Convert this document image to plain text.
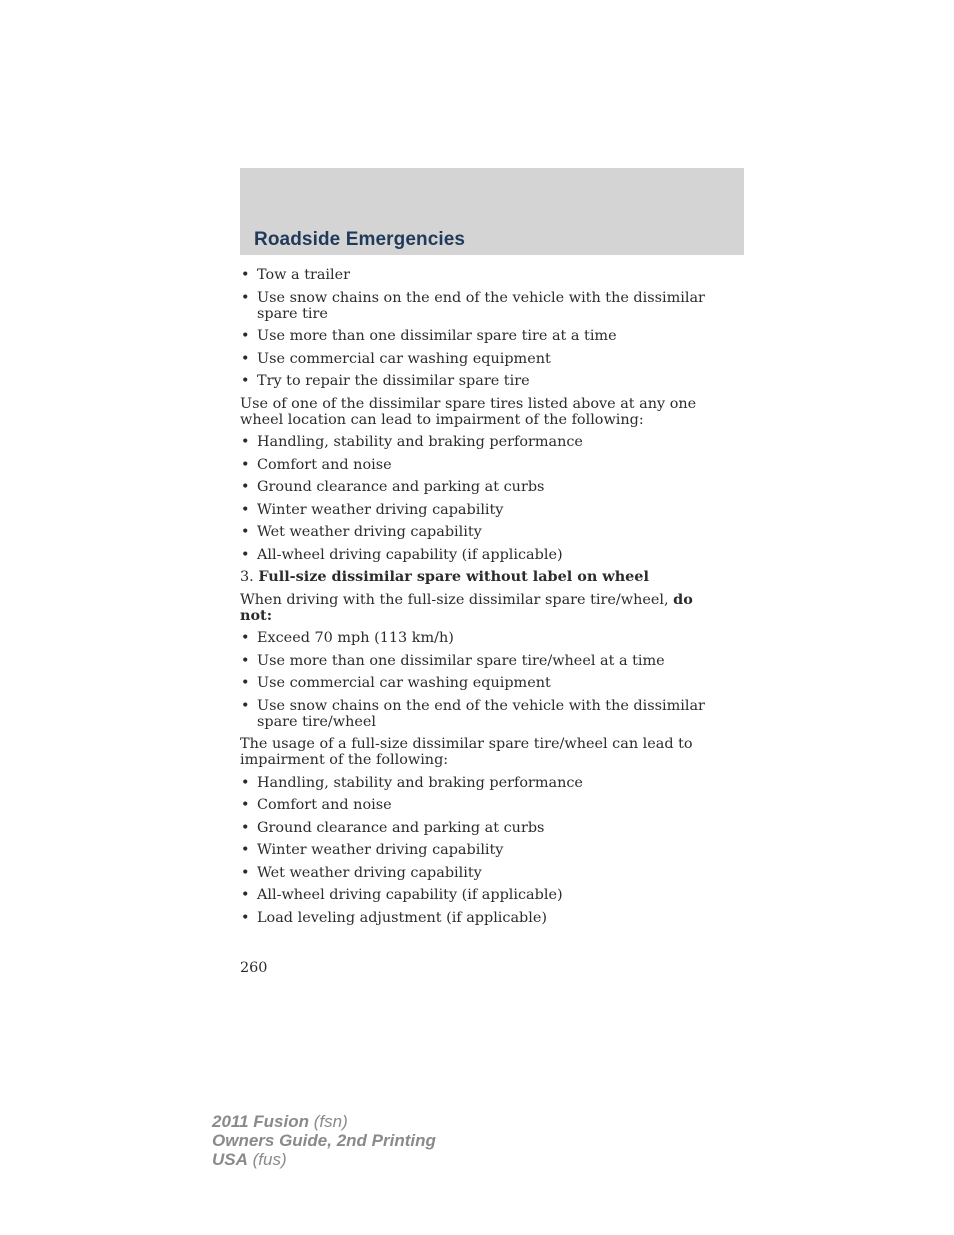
Roadside Emergencies
• Tow a trailer
• Use snow chains on the end of the vehicle with the dissimilar spare tire
• Use more than one dissimilar spare tire at a time
• Use commercial car washing equipment
• Try to repair the dissimilar spare tire

Use of one of the dissimilar spare tires listed above at any one wheel location can lead to impairment of the following:

• Handling, stability and braking performance
• Comfort and noise
• Ground clearance and parking at curbs
• Winter weather driving capability
• Wet weather driving capability
• All-wheel driving capability (if applicable)

3. Full-size dissimilar spare without label on wheel

When driving with the full-size dissimilar spare tire/wheel, do not:

• Exceed 70 mph (113 km/h)
• Use more than one dissimilar spare tire/wheel at a time
• Use commercial car washing equipment
• Use snow chains on the end of the vehicle with the dissimilar spare tire/wheel

The usage of a full-size dissimilar spare tire/wheel can lead to impairment of the following:

• Handling, stability and braking performance
• Comfort and noise
• Ground clearance and parking at curbs
• Winter weather driving capability
• Wet weather driving capability
• All-wheel driving capability (if applicable)
• Load leveling adjustment (if applicable)
260
2011 Fusion (fsn)
Owners Guide, 2nd Printing
USA (fus)
